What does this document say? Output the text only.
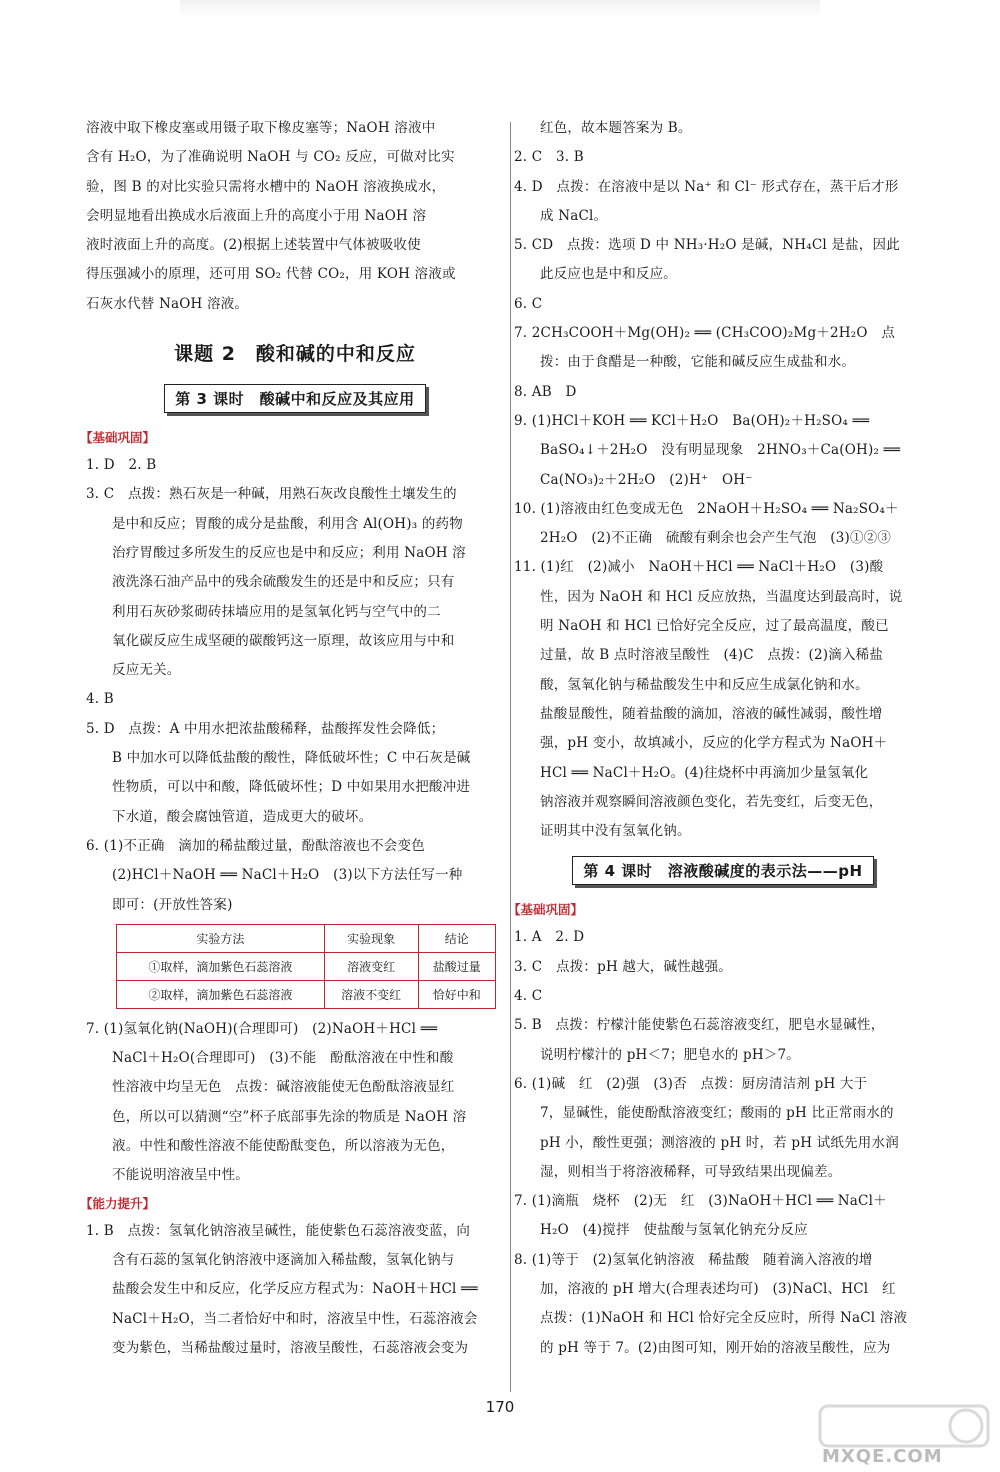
溶液中取下橡皮塞或用镊子取下橡皮塞等；NaOH 溶液中

含有 H₂O，为了准确说明 NaOH 与 CO₂ 反应，可做对比实

验，图 B 的对比实验只需将水槽中的 NaOH 溶液换成水，

会明显地看出换成水后液面上升的高度小于用 NaOH 溶

液时液面上升的高度。(2)根据上述装置中气体被吸收使

得压强减小的原理，还可用 SO₂ 代替 CO₂，用 KOH 溶液或

石灰水代替 NaOH 溶液。

课题 2　酸和碱的中和反应
第 3 课时　酸碱中和反应及其应用
【基础巩固】

1. D　2. B

3. C　点拨：熟石灰是一种碱，用熟石灰改良酸性土壤发生的

是中和反应；胃酸的成分是盐酸，利用含 Al(OH)₃ 的药物

治疗胃酸过多所发生的反应也是中和反应；利用 NaOH 溶

液洗涤石油产品中的残余硫酸发生的还是中和反应；只有

利用石灰砂浆砌砖抹墙应用的是氢氧化钙与空气中的二

氧化碳反应生成坚硬的碳酸钙这一原理，故该应用与中和

反应无关。

4. B

5. D　点拨：A 中用水把浓盐酸稀释，盐酸挥发性会降低；

B 中加水可以降低盐酸的酸性，降低破坏性；C 中石灰是碱

性物质，可以中和酸，降低破坏性；D 中如果用水把酸冲进

下水道，酸会腐蚀管道，造成更大的破坏。

6. (1)不正确　滴加的稀盐酸过量，酚酞溶液也不会变色

(2)HCl＋NaOH ══ NaCl＋H₂O　(3)以下方法任写一种

即可：(开放性答案)

实验方法	实验现象	结论
①取样，滴加紫色石蕊溶液	溶液变红	盐酸过量
②取样，滴加紫色石蕊溶液	溶液不变红	恰好中和

7. (1)氢氧化钠(NaOH)(合理即可)　(2)NaOH＋HCl ══

NaCl＋H₂O(合理即可)　(3)不能　酚酞溶液在中性和酸

性溶液中均呈无色　点拨：碱溶液能使无色酚酞溶液显红

色，所以可以猜测“空”杯子底部事先涂的物质是 NaOH 溶

液。中性和酸性溶液不能使酚酞变色，所以溶液为无色，

不能说明溶液呈中性。

【能力提升】

1. B　点拨：氢氧化钠溶液呈碱性，能使紫色石蕊溶液变蓝，向

含有石蕊的氢氧化钠溶液中逐滴加入稀盐酸，氢氧化钠与

盐酸会发生中和反应，化学反应方程式为：NaOH＋HCl ══

NaCl＋H₂O，当二者恰好中和时，溶液呈中性，石蕊溶液会

变为紫色，当稀盐酸过量时，溶液呈酸性，石蕊溶液会变为

红色，故本题答案为 B。

2. C　3. B

4. D　点拨：在溶液中是以 Na⁺ 和 Cl⁻ 形式存在，蒸干后才形

成 NaCl。

5. CD　点拨：选项 D 中 NH₃·H₂O 是碱，NH₄Cl 是盐，因此

此反应也是中和反应。

6. C

7. 2CH₃COOH＋Mg(OH)₂ ══ (CH₃COO)₂Mg＋2H₂O　点

拨：由于食醋是一种酸，它能和碱反应生成盐和水。

8. AB　D

9. (1)HCl＋KOH ══ KCl＋H₂O　Ba(OH)₂＋H₂SO₄ ══

BaSO₄↓＋2H₂O　没有明显现象　2HNO₃＋Ca(OH)₂ ══

Ca(NO₃)₂＋2H₂O　(2)H⁺　OH⁻

10. (1)溶液由红色变成无色　2NaOH＋H₂SO₄ ══ Na₂SO₄＋

2H₂O　(2)不正确　硫酸有剩余也会产生气泡　(3)①②③

11. (1)红　(2)减小　NaOH＋HCl ══ NaCl＋H₂O　(3)酸

性，因为 NaOH 和 HCl 反应放热，当温度达到最高时，说

明 NaOH 和 HCl 已恰好完全反应，过了最高温度，酸已

过量，故 B 点时溶液呈酸性　(4)C　点拨：(2)滴入稀盐

酸，氢氧化钠与稀盐酸发生中和反应生成氯化钠和水。

盐酸显酸性，随着盐酸的滴加，溶液的碱性减弱，酸性增

强，pH 变小，故填减小，反应的化学方程式为 NaOH＋

HCl ══ NaCl＋H₂O。(4)往烧杯中再滴加少量氢氧化

钠溶液并观察瞬间溶液颜色变化，若先变红，后变无色，

证明其中没有氢氧化钠。

第 4 课时　溶液酸碱度的表示法——pH
【基础巩固】

1. A　2. D

3. C　点拨：pH 越大，碱性越强。

4. C

5. B　点拨：柠檬汁能使紫色石蕊溶液变红，肥皂水显碱性，

说明柠檬汁的 pH＜7；肥皂水的 pH＞7。

6. (1)碱　红　(2)强　(3)否　点拨：厨房清洁剂 pH 大于

7，显碱性，能使酚酞溶液变红；酸雨的 pH 比正常雨水的

pH 小，酸性更强；测溶液的 pH 时，若 pH 试纸先用水润

湿，则相当于将溶液稀释，可导致结果出现偏差。

7. (1)滴瓶　烧杯　(2)无　红　(3)NaOH＋HCl ══ NaCl＋

H₂O　(4)搅拌　使盐酸与氢氧化钠充分反应

8. (1)等于　(2)氢氧化钠溶液　稀盐酸　随着滴入溶液的增

加，溶液的 pH 增大(合理表述均可)　(3)NaCl、HCl　红

点拨：(1)NaOH 和 HCl 恰好完全反应时，所得 NaCl 溶液

的 pH 等于 7。(2)由图可知，刚开始的溶液呈酸性，应为

170
MXQE.COM
